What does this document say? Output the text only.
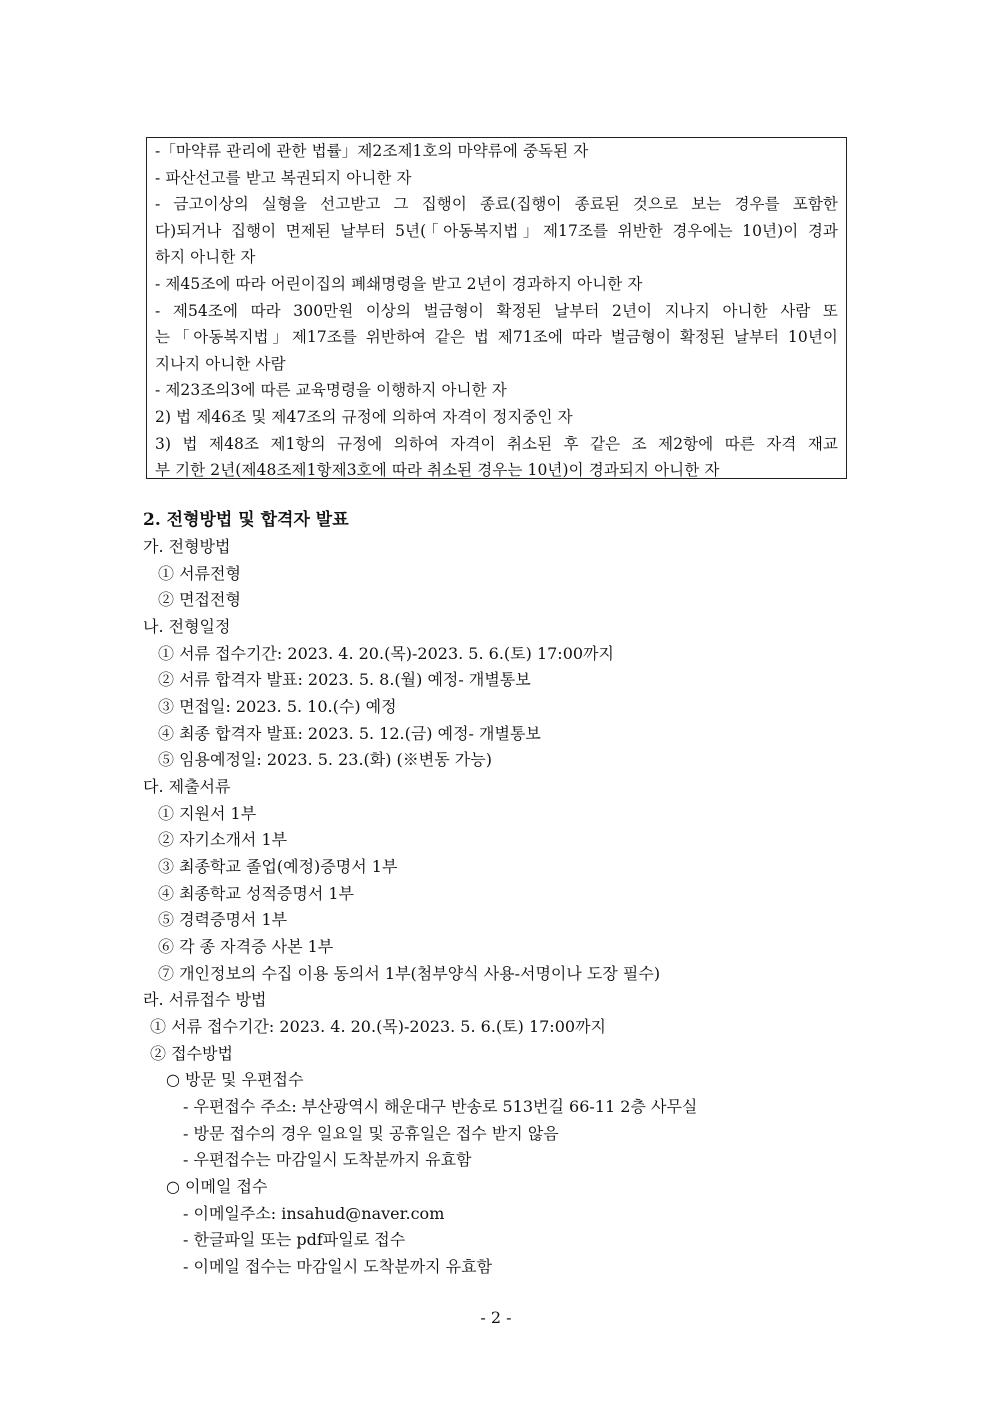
-「마약류 관리에 관한 법률」제2조제1호의 마약류에 중독된 자
- 파산선고를 받고 복권되지 아니한 자
- 금고이상의 실형을 선고받고 그 집행이 종료(집행이 종료된 것으로 보는 경우를 포함한
다)되거나 집행이 면제된 날부터 5년(「아동복지법」제17조를 위반한 경우에는 10년)이 경과
하지 아니한 자
- 제45조에 따라 어린이집의 폐쇄명령을 받고 2년이 경과하지 아니한 자
- 제54조에 따라 300만원 이상의 벌금형이 확정된 날부터 2년이 지나지 아니한 사람 또
는「아동복지법」제17조를 위반하여 같은 법 제71조에 따라 벌금형이 확정된 날부터 10년이
지나지 아니한 사람
- 제23조의3에 따른 교육명령을 이행하지 아니한 자
2) 법 제46조 및 제47조의 규정에 의하여 자격이 정지중인 자
3) 법 제48조 제1항의 규정에 의하여 자격이 취소된 후 같은 조 제2항에 따른 자격 재교
부 기한 2년(제48조제1항제3호에 따라 취소된 경우는 10년)이 경과되지 아니한 자
2. 전형방법 및 합격자 발표
가. 전형방법
① 서류전형
② 면접전형
나. 전형일정
① 서류 접수기간: 2023. 4. 20.(목)-2023. 5. 6.(토) 17:00까지
② 서류 합격자 발표: 2023. 5. 8.(월) 예정- 개별통보
③ 면접일: 2023. 5. 10.(수) 예정
④ 최종 합격자 발표: 2023. 5. 12.(금) 예정- 개별통보
⑤ 임용예정일: 2023. 5. 23.(화) (※변동 가능)
다. 제출서류
① 지원서 1부
② 자기소개서 1부
③ 최종학교 졸업(예정)증명서 1부
④ 최종학교 성적증명서 1부
⑤ 경력증명서 1부
⑥ 각 종 자격증 사본 1부
⑦ 개인정보의 수집 이용 동의서 1부(첨부양식 사용-서명이나 도장 필수)
라. 서류접수 방법
① 서류 접수기간: 2023. 4. 20.(목)-2023. 5. 6.(토) 17:00까지
② 접수방법
○ 방문 및 우편접수
- 우편접수 주소: 부산광역시 해운대구 반송로 513번길 66-11 2층 사무실
- 방문 접수의 경우 일요일 및 공휴일은 접수 받지 않음
- 우편접수는 마감일시 도착분까지 유효함
○ 이메일 접수
- 이메일주소: insahud@naver.com
- 한글파일 또는 pdf파일로 접수
- 이메일 접수는 마감일시 도착분까지 유효함
- 2 -
